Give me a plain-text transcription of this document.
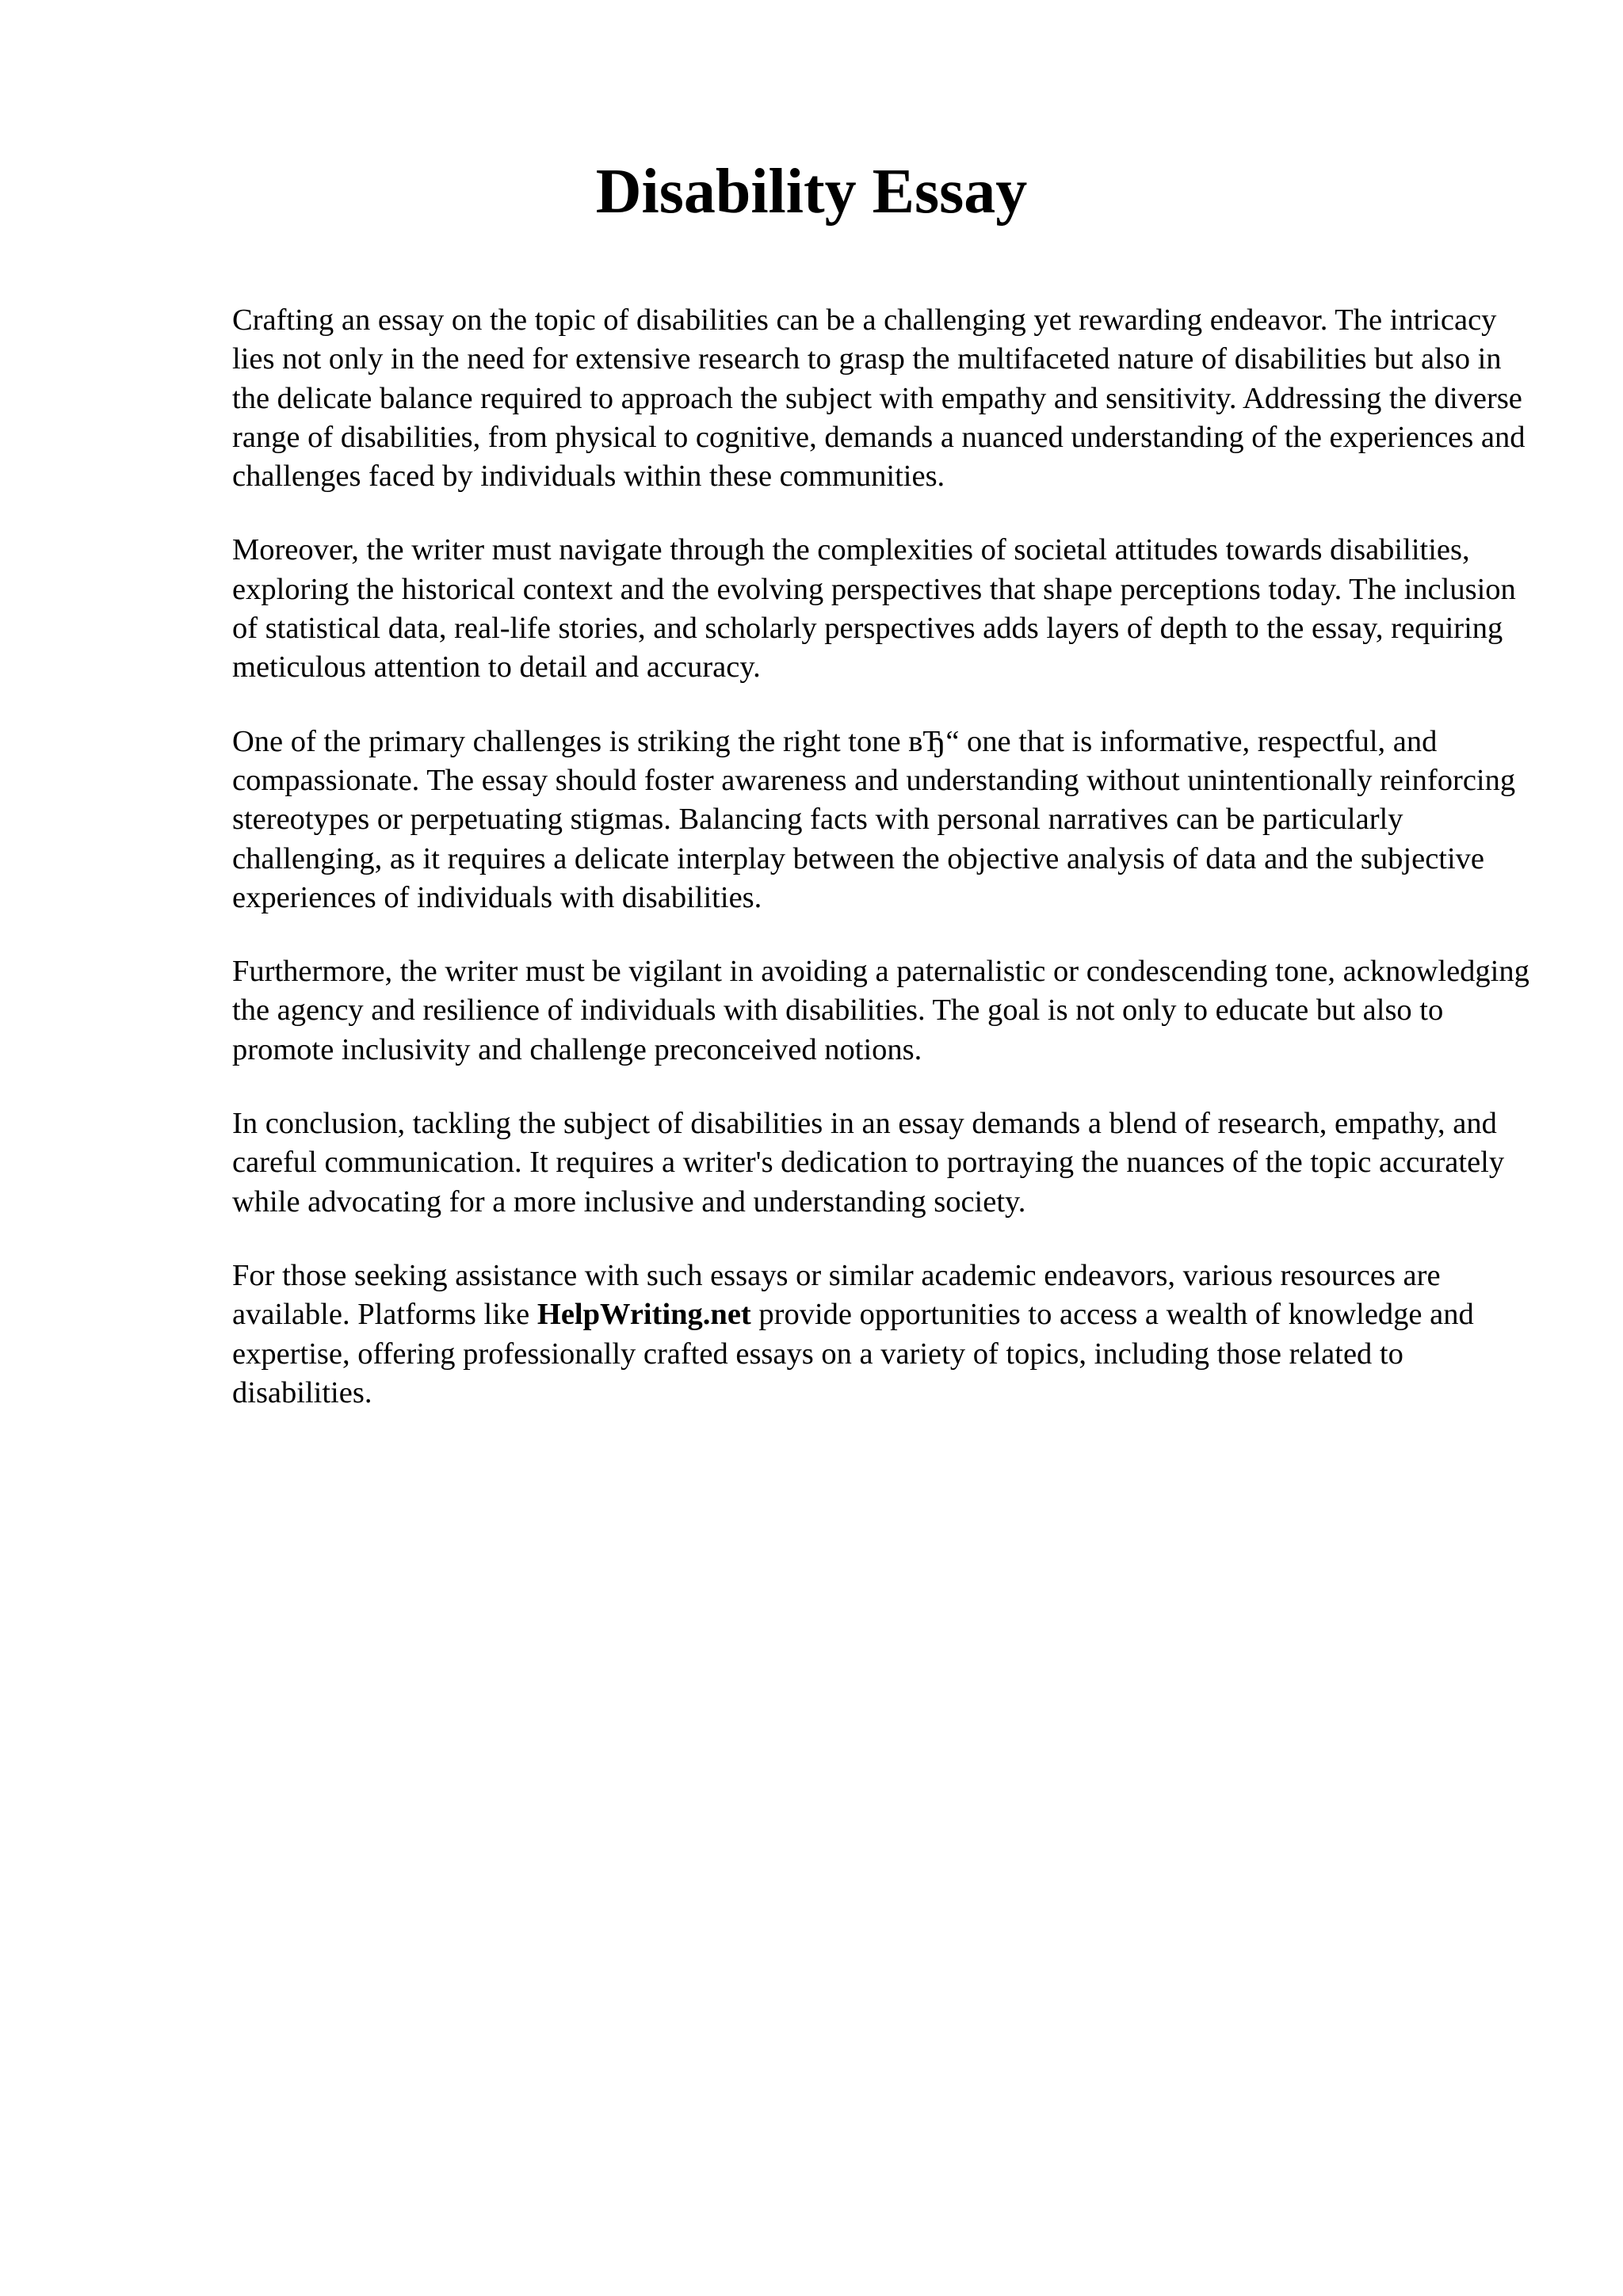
Disability Essay

Crafting an essay on the topic of disabilities can be a challenging yet rewarding endeavor. The intricacy lies not only in the need for extensive research to grasp the multifaceted nature of disabilities but also in the delicate balance required to approach the subject with empathy and sensitivity. Addressing the diverse range of disabilities, from physical to cognitive, demands a nuanced understanding of the experiences and challenges faced by individuals within these communities.

Moreover, the writer must navigate through the complexities of societal attitudes towards disabilities, exploring the historical context and the evolving perspectives that shape perceptions today. The inclusion of statistical data, real-life stories, and scholarly perspectives adds layers of depth to the essay, requiring meticulous attention to detail and accuracy.

One of the primary challenges is striking the right tone вЂ“ one that is informative, respectful, and compassionate. The essay should foster awareness and understanding without unintentionally reinforcing stereotypes or perpetuating stigmas. Balancing facts with personal narratives can be particularly challenging, as it requires a delicate interplay between the objective analysis of data and the subjective experiences of individuals with disabilities.

Furthermore, the writer must be vigilant in avoiding a paternalistic or condescending tone, acknowledging the agency and resilience of individuals with disabilities. The goal is not only to educate but also to promote inclusivity and challenge preconceived notions.

In conclusion, tackling the subject of disabilities in an essay demands a blend of research, empathy, and careful communication. It requires a writer's dedication to portraying the nuances of the topic accurately while advocating for a more inclusive and understanding society.

For those seeking assistance with such essays or similar academic endeavors, various resources are available. Platforms like HelpWriting.net provide opportunities to access a wealth of knowledge and expertise, offering professionally crafted essays on a variety of topics, including those related to disabilities.
